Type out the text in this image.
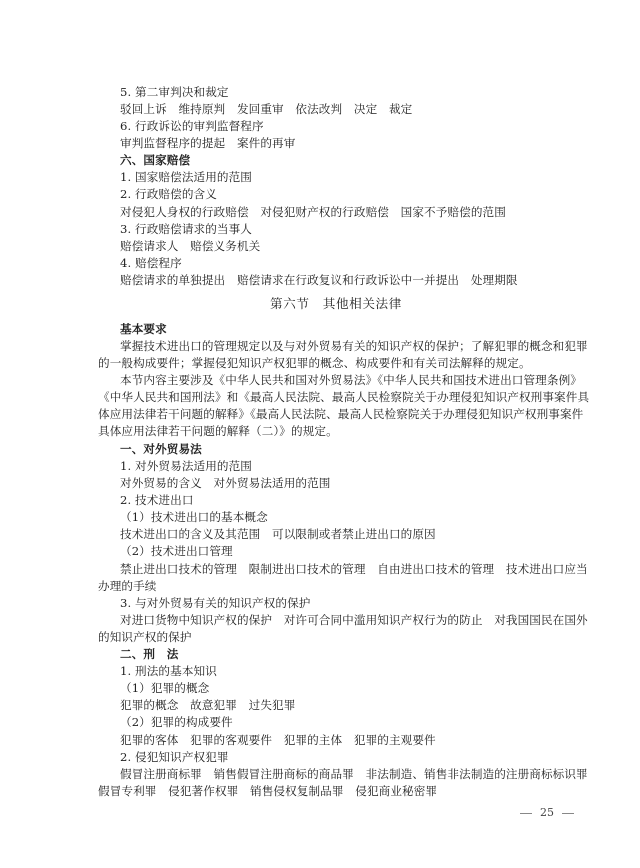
5. 第二审判决和裁定

驳回上诉　维持原判　发回重审　依法改判　决定　裁定

6. 行政诉讼的审判监督程序

审判监督程序的提起　案件的再审

六、国家赔偿

1. 国家赔偿法适用的范围

2. 行政赔偿的含义

对侵犯人身权的行政赔偿　对侵犯财产权的行政赔偿　国家不予赔偿的范围

3. 行政赔偿请求的当事人

赔偿请求人　赔偿义务机关

4. 赔偿程序

赔偿请求的单独提出　赔偿请求在行政复议和行政诉讼中一并提出　处理期限

第六节　其他相关法律

基本要求

掌握技术进出口的管理规定以及与对外贸易有关的知识产权的保护；了解犯罪的概念和犯罪

的一般构成要件；掌握侵犯知识产权犯罪的概念、构成要件和有关司法解释的规定。

本节内容主要涉及《中华人民共和国对外贸易法》《中华人民共和国技术进出口管理条例》

《中华人民共和国刑法》和《最高人民法院、最高人民检察院关于办理侵犯知识产权刑事案件具

体应用法律若干问题的解释》《最高人民法院、最高人民检察院关于办理侵犯知识产权刑事案件

具体应用法律若干问题的解释（二）》的规定。

一、对外贸易法

1. 对外贸易法适用的范围

对外贸易的含义　对外贸易法适用的范围

2. 技术进出口

（1）技术进出口的基本概念

技术进出口的含义及其范围　可以限制或者禁止进出口的原因

（2）技术进出口管理

禁止进出口技术的管理　限制进出口技术的管理　自由进出口技术的管理　技术进出口应当

办理的手续

3. 与对外贸易有关的知识产权的保护

对进口货物中知识产权的保护　对许可合同中滥用知识产权行为的防止　对我国国民在国外

的知识产权的保护

二、刑　法

1. 刑法的基本知识

（1）犯罪的概念

犯罪的概念　故意犯罪　过失犯罪

（2）犯罪的构成要件

犯罪的客体　犯罪的客观要件　犯罪的主体　犯罪的主观要件

2. 侵犯知识产权犯罪

假冒注册商标罪　销售假冒注册商标的商品罪　非法制造、销售非法制造的注册商标标识罪

假冒专利罪　侵犯著作权罪　销售侵权复制品罪　侵犯商业秘密罪

25
